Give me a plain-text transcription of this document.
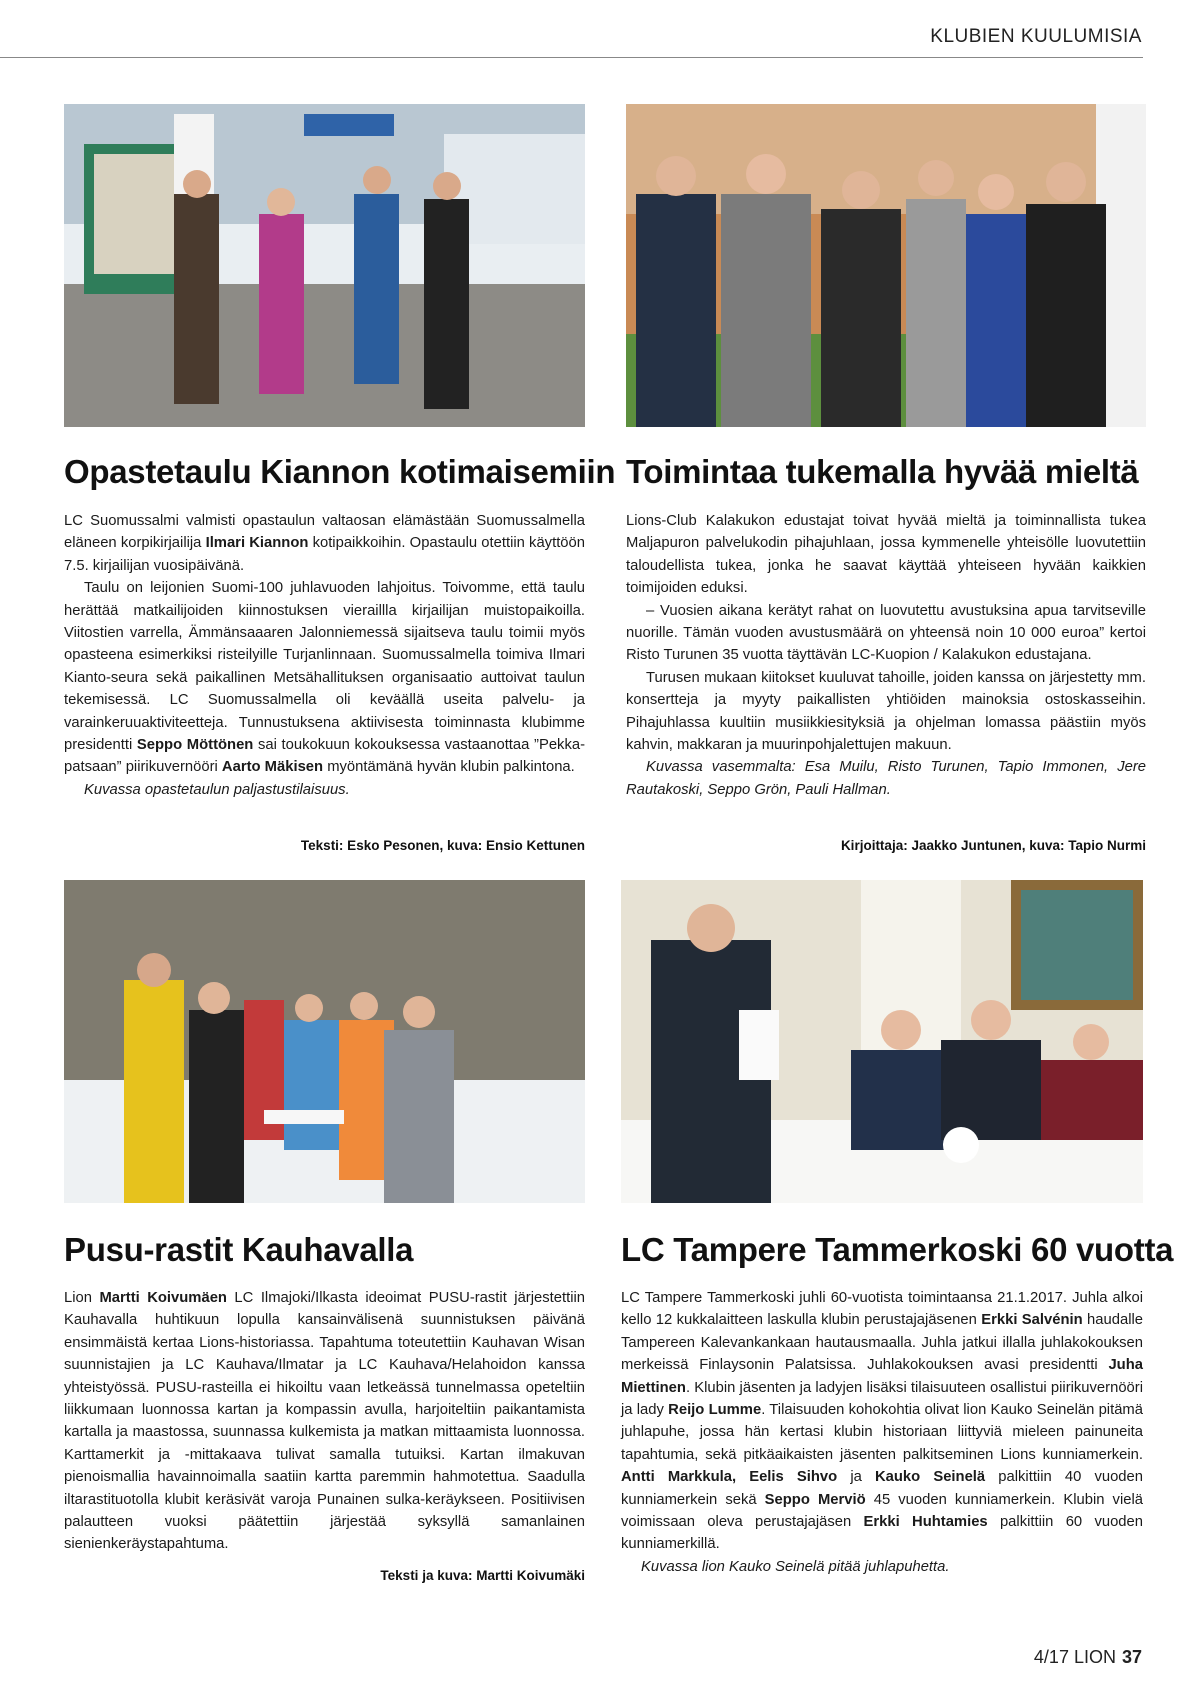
KLUBIEN KUULUMISIA
Opastetaulu Kiannon kotimaisemiin

LC Suomussalmi valmisti opastaulun valtaosan elämästään Suomussalmella eläneen korpikirjailija Ilmari Kiannon kotipaikkoihin. Opastaulu otettiin käyttöön 7.5. kirjailijan vuosipäivänä.

Taulu on leijonien Suomi-100 juhlavuoden lahjoitus. Toivomme, että taulu herättää matkailijoiden kiinnostuksen vieraillla kirjailijan muistopaikoilla. Viitostien varrella, Ämmänsaaaren Jalonniemessä sijaitseva taulu toimii myös opasteena esimerkiksi risteilyille Turjanlinnaan. Suomussalmella toimiva Ilmari Kianto-seura sekä paikallinen Metsähallituksen organisaatio auttoivat taulun tekemisessä. LC Suomussalmella oli keväällä useita palvelu- ja varainkeruuaktiviteetteja. Tunnustuksena aktiivisesta toiminnasta klubimme presidentti Seppo Möttönen sai toukokuun kokouksessa vastaanottaa ”Pekka-patsaan” piirikuvernööri Aarto Mäkisen myöntämänä hyvän klubin palkintona.

Kuvassa opastetaulun paljastustilaisuus.

Teksti: Esko Pesonen, kuva: Ensio Kettunen
Toimintaa tukemalla hyvää mieltä

Lions-Club Kalakukon edustajat toivat hyvää mieltä ja toiminnallista tukea Maljapuron palvelukodin pihajuhlaan, jossa kymmenelle yhteisölle luovutettiin taloudellista tukea, jonka he saavat käyttää yhteiseen hyvään kaikkien toimijoiden eduksi.

– Vuosien aikana kerätyt rahat on luovutettu avustuksina apua tarvitseville nuorille. Tämän vuoden avustusmäärä on yhteensä noin 10 000 euroa” kertoi Risto Turunen 35 vuotta täyttävän LC-Kuopion / Kalakukon edustajana.

Turusen mukaan kiitokset kuuluvat tahoille, joiden kanssa on järjestetty mm. konsertteja ja myyty paikallisten yhtiöiden mainoksia ostoskasseihin. Pihajuhlassa kuultiin musiikkiesityksiä ja ohjelman lomassa päästiin myös kahvin, makkaran ja muurinpohjalettujen makuun.

Kuvassa vasemmalta: Esa Muilu, Risto Turunen, Tapio Immonen, Jere Rautakoski, Seppo Grön, Pauli Hallman.

Kirjoittaja: Jaakko Juntunen, kuva: Tapio Nurmi
Pusu-rastit Kauhavalla

Lion Martti Koivumäen LC Ilmajoki/Ilkasta ideoimat PUSU-rastit järjestettiin Kauhavalla huhtikuun lopulla kansainvälisenä suunnistuksen päivänä ensimmäistä kertaa Lions-historiassa. Tapahtuma toteutettiin Kauhavan Wisan suunnistajien ja LC Kauhava/Ilmatar ja LC Kauhava/Helahoidon kanssa yhteistyössä. PUSU-rasteilla ei hikoiltu vaan letkeässä tunnelmassa opeteltiin liikkumaan luonnossa kartan ja kompassin avulla, harjoiteltiin paikantamista kartalla ja maastossa, suunnassa kulkemista ja matkan mittaamista luonnossa. Karttamerkit ja -mittakaava tulivat samalla tutuiksi. Kartan ilmakuvan pienoismallia havainnoimalla saatiin kartta paremmin hahmotettua. Saadulla iltarastituotolla klubit keräsivät varoja Punainen sulka-keräykseen. Positiivisen palautteen vuoksi päätettiin järjestää syksyllä samanlainen sienienkeräystapahtuma.

Teksti ja kuva: Martti Koivumäki
LC Tampere Tammerkoski 60 vuotta

LC Tampere Tammerkoski juhli 60-vuotista toimintaansa 21.1.2017. Juhla alkoi kello 12 kukkalaitteen laskulla klubin perustajajäsenen Erkki Salvénin haudalle Tampereen Kalevankankaan hautausmaalla. Juhla jatkui illalla juhlakokouksen merkeissä Finlaysonin Palatsissa. Juhlakokouksen avasi presidentti Juha Miettinen. Klubin jäsenten ja ladyjen lisäksi tilaisuuteen osallistui piirikuvernööri ja lady Reijo Lumme. Tilaisuuden kohokohtia olivat lion Kauko Seinelän pitämä juhlapuhe, jossa hän kertasi klubin historiaan liittyviä mieleen painuneita tapahtumia, sekä pitkäaikaisten jäsenten palkitseminen Lions kunniamerkein. Antti Markkula, Eelis Sihvo ja Kauko Seinelä palkittiin 40 vuoden kunniamerkein sekä Seppo Merviö 45 vuoden kunniamerkein. Klubin vielä voimissaan oleva perustajajäsen Erkki Huhtamies palkittiin 60 vuoden kunniamerkillä.

Kuvassa lion Kauko Seinelä pitää juhlapuhetta.

4/17 LION 37
